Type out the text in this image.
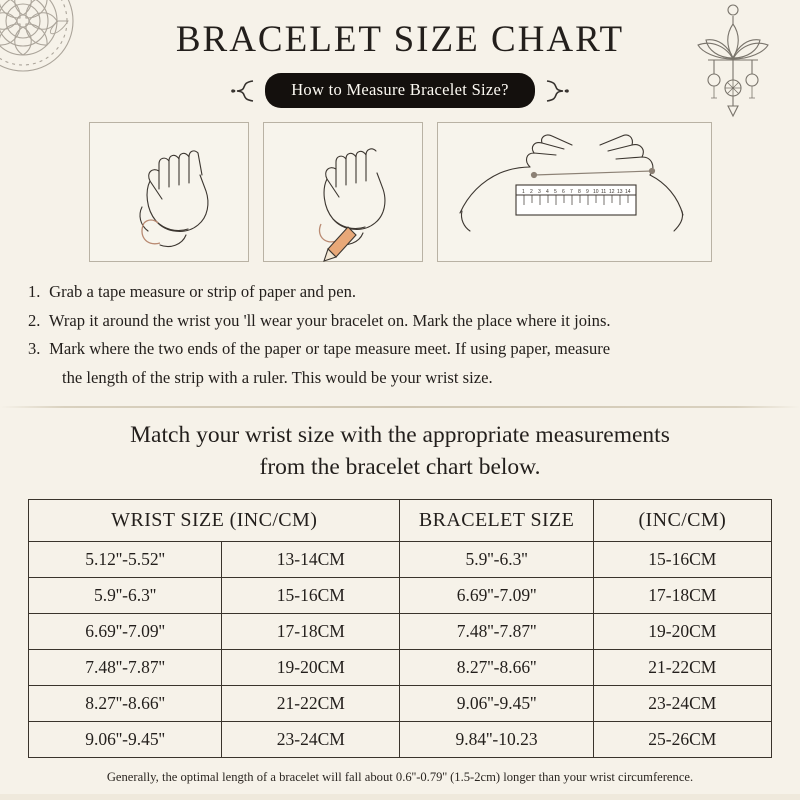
BRACELET SIZE CHART
How to Measure Bracelet Size?
1 2 3 4 5 6 7 8 9 10 11 12 13 14
1. Grab a tape measure or strip of paper and pen.
2. Wrap it around the wrist you 'll wear your bracelet on. Mark the place where it joins.
3. Mark where the two ends of the paper or tape measure meet. If using paper, measure
the length of the strip with a ruler. This would be your wrist size.
Match your wrist size with the appropriate measurements
from the bracelet chart below.
WRIST SIZE (INC/CM)		BRACELET SIZE	(INC/CM)
5.12''-5.52''	13-14CM	5.9''-6.3''	15-16CM
5.9''-6.3''	15-16CM	6.69''-7.09''	17-18CM
6.69''-7.09''	17-18CM	7.48''-7.87''	19-20CM
7.48''-7.87''	19-20CM	8.27''-8.66''	21-22CM
8.27''-8.66''	21-22CM	9.06''-9.45''	23-24CM
9.06''-9.45''	23-24CM	9.84''-10.23	25-26CM
Generally, the optimal length of a bracelet will fall about 0.6''-0.79'' (1.5-2cm) longer than your wrist circumference.
